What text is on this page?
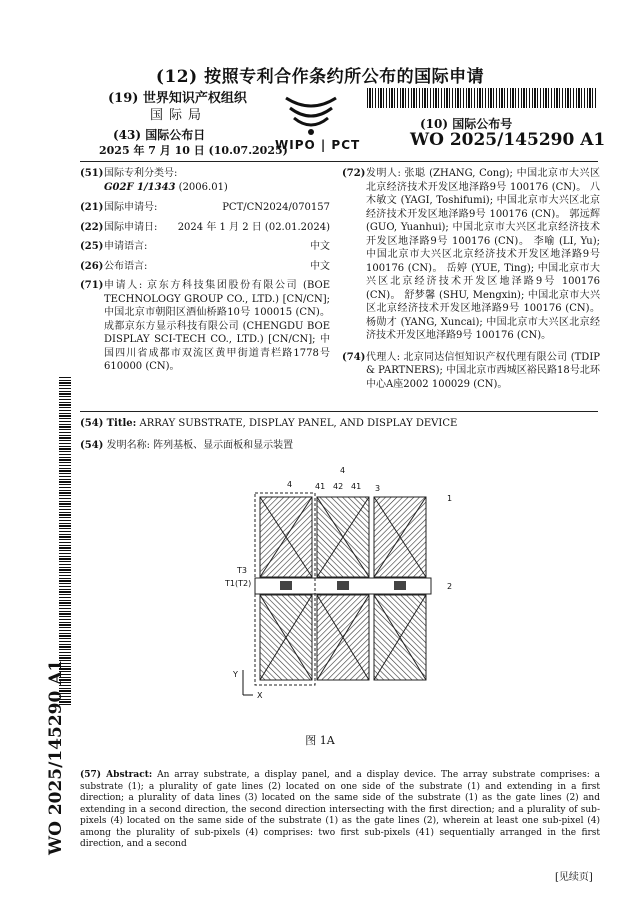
(12) 按照专利合作条约所公布的国际申请
(19) 世界知识产权组织
国际局
(43) 国际公布日
2025 年 7 月 10 日 (10.07.2025)
WIPO | PCT
(10) 国际公布号
WO 2025/145290 A1
(51) 国际专利分类号:
G02F 1/1343 (2006.01)
(21) 国际申请号:	PCT/CN2024/070157
(22) 国际申请日: 2024 年 1 月 2 日 (02.01.2024)
(25) 申请语言:	中文
(26) 公布语言:	中文
(71) 申请人: 京东方科技集团股份有限公司 (BOE TECHNOLOGY GROUP CO., LTD.) [CN/CN]; 中国北京市朝阳区酒仙桥路10号 100015 (CN)。 成都京东方显示科技有限公司 (CHENGDU BOE DISPLAY SCI-TECH CO., LTD.) [CN/CN]; 中国四川省成都市双流区黄甲街道青栏路1778号 610000 (CN)。
(72) 发明人: 张聪 (ZHANG, Cong); 中国北京市大兴区北京经济技术开发区地泽路9号 100176 (CN)。 八木敏文 (YAGI, Toshifumi); 中国北京市大兴区北京经济技术开发区地泽路9号 100176 (CN)。 郭远辉 (GUO, Yuanhui); 中国北京市大兴区北京经济技术开发区地泽路9号 100176 (CN)。 李喻 (LI, Yu); 中国北京市大兴区北京经济技术开发区地泽路9号 100176 (CN)。 岳婷 (YUE, Ting); 中国北京市大兴区北京经济技术开发区地泽路9号 100176 (CN)。 舒梦馨 (SHU, Mengxin); 中国北京市大兴区北京经济技术开发区地泽路9号 100176 (CN)。 杨勋才 (YANG, Xuncai); 中国北京市大兴区北京经济技术开发区地泽路9号 100176 (CN)。
(74) 代理人: 北京同达信恒知识产权代理有限公司 (TDIP & PARTNERS); 中国北京市西城区裕民路18号北环中心A座2002 100029 (CN)。
WO 2025/145290 A1
(54) Title: ARRAY SUBSTRATE, DISPLAY PANEL, AND DISPLAY DEVICE
(54) 发明名称: 阵列基板、显示面板和显示装置
4
4	41 42 41 3
1
2
T3
T1(T2)
Y
X
图 1A
(57) Abstract: An array substrate, a display panel, and a display device. The array substrate comprises: a substrate (1); a plurality of gate lines (2) located on one side of the substrate (1) and extending in a first direction; a plurality of data lines (3) located on the same side of the substrate (1) as the gate lines (2) and extending in a second direction, the second direction intersecting with the first direction; and a plurality of sub-pixels (4) located on the same side of the substrate (1) as the gate lines (2), wherein at least one sub-pixel (4) among the plurality of sub-pixels (4) comprises: two first sub-pixels (41) sequentially arranged in the first direction, and a second
[见续页]
